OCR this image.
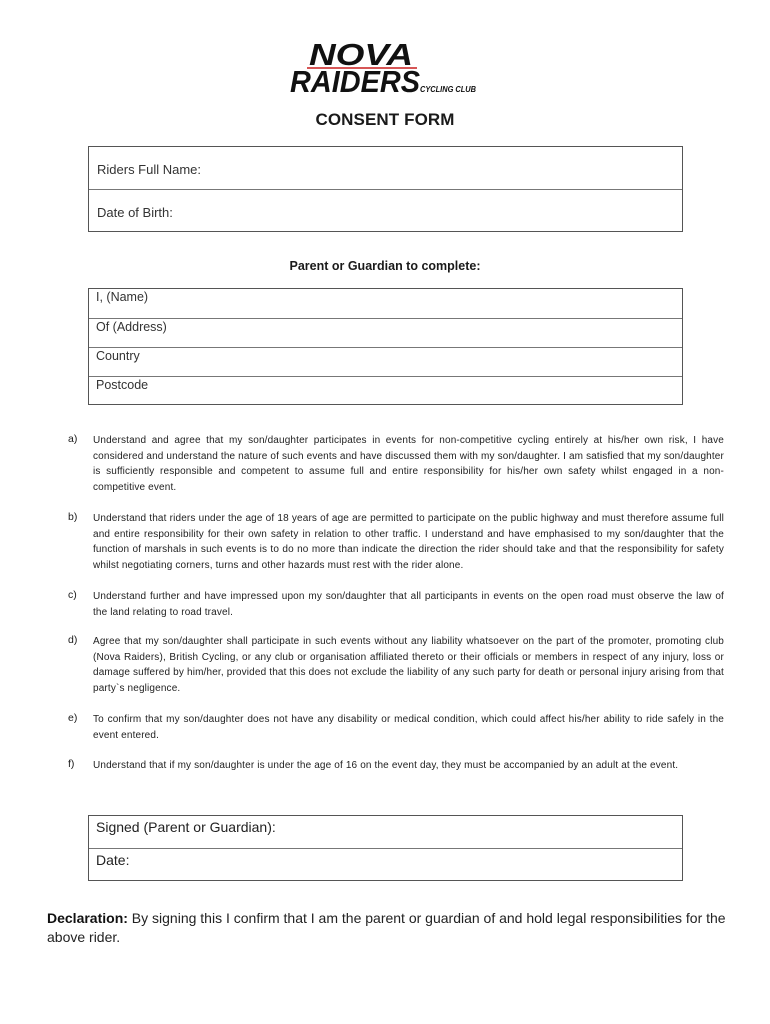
NOVA
RAIDERS CYCLING CLUB
CONSENT FORM
Riders Full Name:
Date of Birth:
Parent or Guardian to complete:
I, (Name)
Of (Address)
Country
Postcode
a) Understand and agree that my son/daughter participates in events for non-competitive cycling entirely at his/her own risk, I have considered and understand the nature of such events and have discussed them with my son/daughter. I am satisfied that my son/daughter is sufficiently responsible and competent to assume full and entire responsibility for his/her own safety whilst engaged in a non-competitive event.
b) Understand that riders under the age of 18 years of age are permitted to participate on the public highway and must therefore assume full and entire responsibility for their own safety in relation to other traffic. I understand and have emphasised to my son/daughter that the function of marshals in such events is to do no more than indicate the direction the rider should take and that the responsibility for safety whilst negotiating corners, turns and other hazards must rest with the rider alone.
c) Understand further and have impressed upon my son/daughter that all participants in events on the open road must observe the law of the land relating to road travel.
d) Agree that my son/daughter shall participate in such events without any liability whatsoever on the part of the promoter, promoting club (Nova Raiders), British Cycling, or any club or organisation affiliated thereto or their officials or members in respect of any injury, loss or damage suffered by him/her, provided that this does not exclude the liability of any such party for death or personal injury arising from that party`s negligence.
e) To confirm that my son/daughter does not have any disability or medical condition, which could affect his/her ability to ride safely in the event entered.
f) Understand that if my son/daughter is under the age of 16 on the event day, they must be accompanied by an adult at the event.
Signed (Parent or Guardian):
Date:
Declaration: By signing this I confirm that I am the parent or guardian of and hold legal responsibilities for the above rider.
